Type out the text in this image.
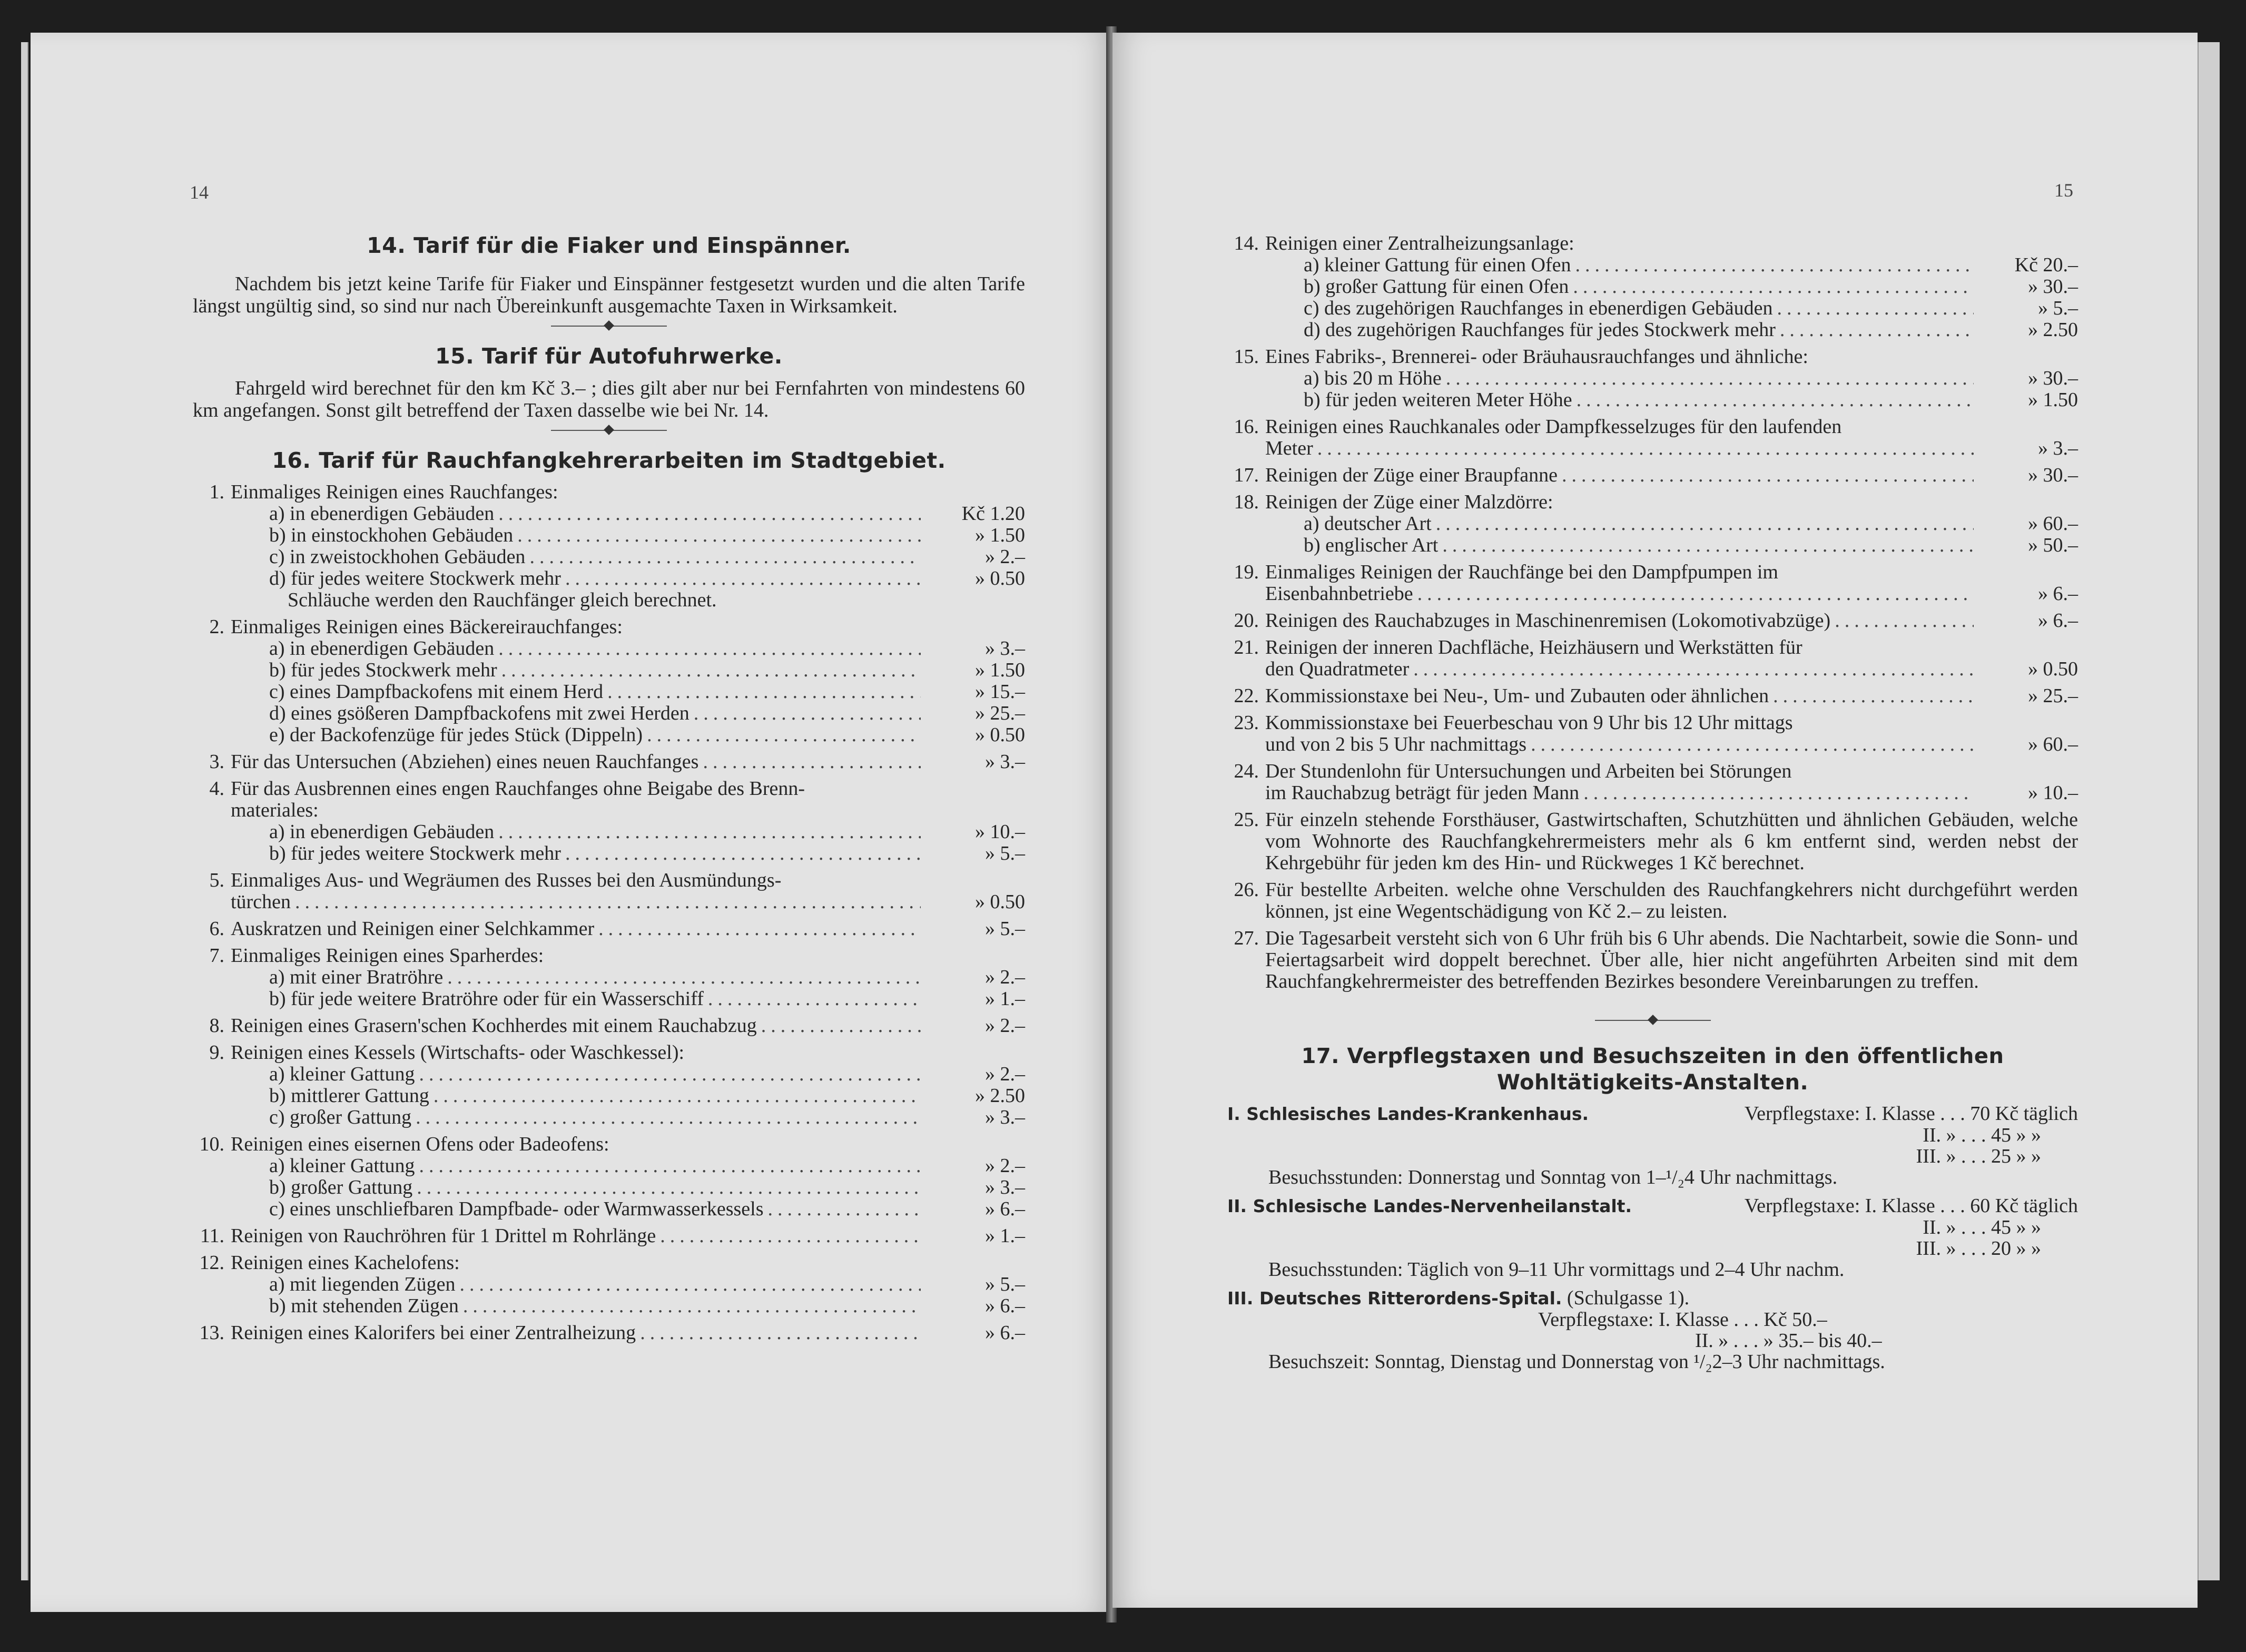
14
14. Tarif für die Fiaker und Einspänner.

Nachdem bis jetzt keine Tarife für Fiaker und Einspänner festgesetzt wurden und die alten Tarife längst ungültig sind, so sind nur nach Übereinkunft ausgemachte Taxen in Wirksamkeit.

15. Tarif für Autofuhrwerke.

Fahrgeld wird berechnet für den km Kč 3.– ; dies gilt aber nur bei Fernfahrten von mindestens 60 km angefangen. Sonst gilt betreffend der Taxen dasselbe wie bei Nr. 14.

16. Tarif für Rauchfangkehrerarbeiten im Stadtgebiet.
1. Einmaliges Reinigen eines Rauchfanges:
a) in ebenerdigen Gebäuden .....	Kč 1.20
b) in einstockhohen Gebäuden .....	» 1.50
c) in zweistockhohen Gebäuden .....	» 2.–
d) für jedes weitere Stockwerk mehr .....	» 0.50
Schläuche werden den Rauchfänger gleich berechnet.
2. Einmaliges Reinigen eines Bäckereirauchfanges:
a) in ebenerdigen Gebäuden .....	» 3.–
b) für jedes Stockwerk mehr .....	» 1.50
c) eines Dampfbackofens mit einem Herd .....	» 15.–
d) eines gsößeren Dampfbackofens mit zwei Herden .....	» 25.–
e) der Backofenzüge für jedes Stück (Dippeln) .....	» 0.50
3. Für das Untersuchen (Abziehen) eines neuen Rauchfanges .....	» 3.–
4. Für das Ausbrennen eines engen Rauchfanges ohne Beigabe des Brenn-
materiales:
a) in ebenerdigen Gebäuden .....	» 10.–
b) für jedes weitere Stockwerk mehr .....	» 5.–
5. Einmaliges Aus- und Wegräumen des Russes bei den Ausmündungs-
türchen .....	» 0.50
6. Auskratzen und Reinigen einer Selchkammer .....	» 5.–
7. Einmaliges Reinigen eines Sparherdes:
a) mit einer Bratröhre .....	» 2.–
b) für jede weitere Bratröhre oder für ein Wasserschiff .....	» 1.–
8. Reinigen eines Grasern'schen Kochherdes mit einem Rauchabzug .....	» 2.–
9. Reinigen eines Kessels (Wirtschafts- oder Waschkessel):
a) kleiner Gattung .....	» 2.–
b) mittlerer Gattung .....	» 2.50
c) großer Gattung .....	» 3.–
10. Reinigen eines eisernen Ofens oder Badeofens:
a) kleiner Gattung .....	» 2.–
b) großer Gattung .....	» 3.–
c) eines unschliefbaren Dampfbade- oder Warmwasserkessels .....	» 6.–
11. Reinigen von Rauchröhren für 1 Drittel m Rohrlänge .....	» 1.–
12. Reinigen eines Kachelofens:
a) mit liegenden Zügen .....	» 5.–
b) mit stehenden Zügen .....	» 6.–
13. Reinigen eines Kalorifers bei einer Zentralheizung .....	» 6.–
15
14. Reinigen einer Zentralheizungsanlage:
a) kleiner Gattung für einen Ofen .....	Kč 20.–
b) großer Gattung für einen Ofen .....	» 30.–
c) des zugehörigen Rauchfanges in ebenerdigen Gebäuden .....	» 5.–
d) des zugehörigen Rauchfanges für jedes Stockwerk mehr .....	» 2.50
15. Eines Fabriks-, Brennerei- oder Bräuhausrauchfanges und ähnliche:
a) bis 20 m Höhe .....	» 30.–
b) für jeden weiteren Meter Höhe .....	» 1.50
16. Reinigen eines Rauchkanales oder Dampfkesselzuges für den laufenden
Meter .....	» 3.–
17. Reinigen der Züge einer Braupfanne .....	» 30.–
18. Reinigen der Züge einer Malzdörre:
a) deutscher Art .....	» 60.–
b) englischer Art .....	» 50.–
19. Einmaliges Reinigen der Rauchfänge bei den Dampfpumpen im
Eisenbahnbetriebe .....	» 6.–
20. Reinigen des Rauchabzuges in Maschinenremisen (Lokomotivabzüge) .....	» 6.–
21. Reinigen der inneren Dachfläche, Heizhäusern und Werkstätten für
den Quadratmeter .....	» 0.50
22. Kommissionstaxe bei Neu-, Um- und Zubauten oder ähnlichen .....	» 25.–
23. Kommissionstaxe bei Feuerbeschau von 9 Uhr bis 12 Uhr mittags
und von 2 bis 5 Uhr nachmittags .....	» 60.–
24. Der Stundenlohn für Untersuchungen und Arbeiten bei Störungen
im Rauchabzug beträgt für jeden Mann .....	» 10.–
25. Für einzeln stehende Forsthäuser, Gastwirtschaften, Schutzhütten und ähnlichen Gebäuden, welche vom Wohnorte des Rauchfangkehrermeisters mehr als 6 km entfernt sind, werden nebst der Kehrgebühr für jeden km des Hin- und Rückweges 1 Kč berechnet.
26. Für bestellte Arbeiten. welche ohne Verschulden des Rauchfangkehrers nicht durchgeführt werden können, jst eine Wegentschädigung von Kč 2.– zu leisten.
27. Die Tagesarbeit versteht sich von 6 Uhr früh bis 6 Uhr abends. Die Nachtarbeit, sowie die Sonn- und Feiertagsarbeit wird doppelt berechnet. Über alle, hier nicht angeführten Arbeiten sind mit dem Rauchfangkehrermeister des betreffenden Bezirkes besondere Vereinbarungen zu treffen.
17. Verpflegstaxen und Besuchszeiten in den öffentlichen Wohltätigkeits-Anstalten.
I. Schlesisches Landes-Krankenhaus.	Verpflegstaxe: I. Klasse . . . 70 Kč täglich
II. » . . . 45 » »
III. » . . . 25 » »
Besuchsstunden: Donnerstag und Sonntag von 1–¹/₂4 Uhr nachmittags.
II. Schlesische Landes-Nervenheilanstalt.	Verpflegstaxe: I. Klasse . . . 60 Kč täglich
II. » . . . 45 » »
III. » . . . 20 » »
Besuchsstunden: Täglich von 9–11 Uhr vormittags und 2–4 Uhr nachm.
III. Deutsches Ritterordens-Spital. (Schulgasse 1).
Verpflegstaxe: I. Klasse . . . Kč 50.–
II. » . . . » 35.– bis 40.–
Besuchszeit: Sonntag, Dienstag und Donnerstag von ¹/₂2–3 Uhr nachmittags.
